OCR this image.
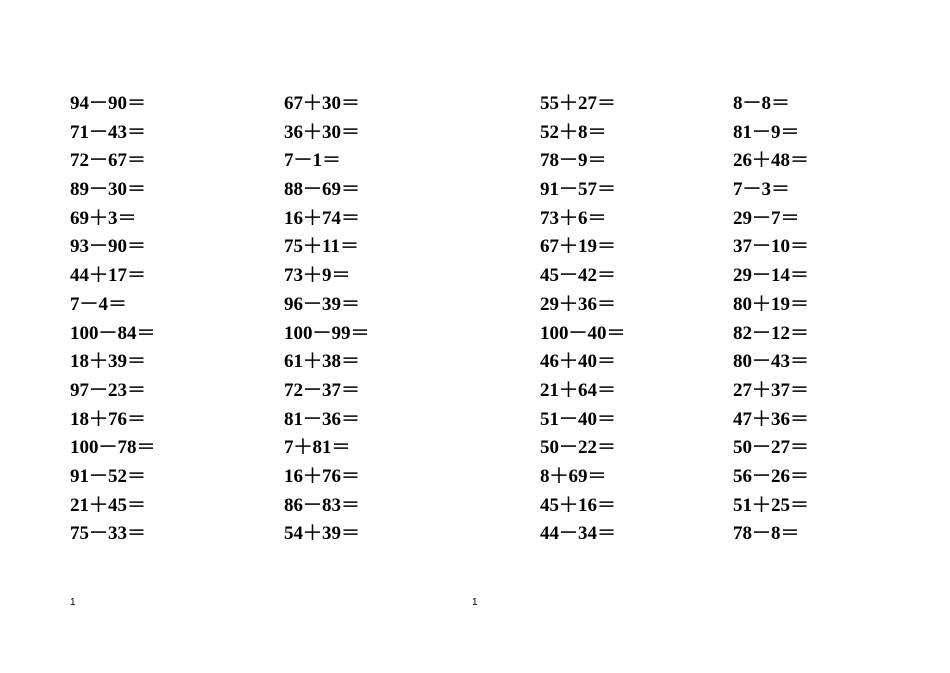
94－90＝
71－43＝
72－67＝
89－30＝
69＋3＝
93－90＝
44＋17＝
7－4＝
100－84＝
18＋39＝
97－23＝
18＋76＝
100－78＝
91－52＝
21＋45＝
75－33＝
67＋30＝
36＋30＝
7－1＝
88－69＝
16＋74＝
75＋11＝
73＋9＝
96－39＝
100－99＝
61＋38＝
72－37＝
81－36＝
7＋81＝
16＋76＝
86－83＝
54＋39＝
55＋27＝
52＋8＝
78－9＝
91－57＝
73＋6＝
67＋19＝
45－42＝
29＋36＝
100－40＝
46＋40＝
21＋64＝
51－40＝
50－22＝
8＋69＝
45＋16＝
44－34＝
8－8＝
81－9＝
26＋48＝
7－3＝
29－7＝
37－10＝
29－14＝
80＋19＝
82－12＝
80－43＝
27＋37＝
47＋36＝
50－27＝
56－26＝
51＋25＝
78－8＝
1	1
